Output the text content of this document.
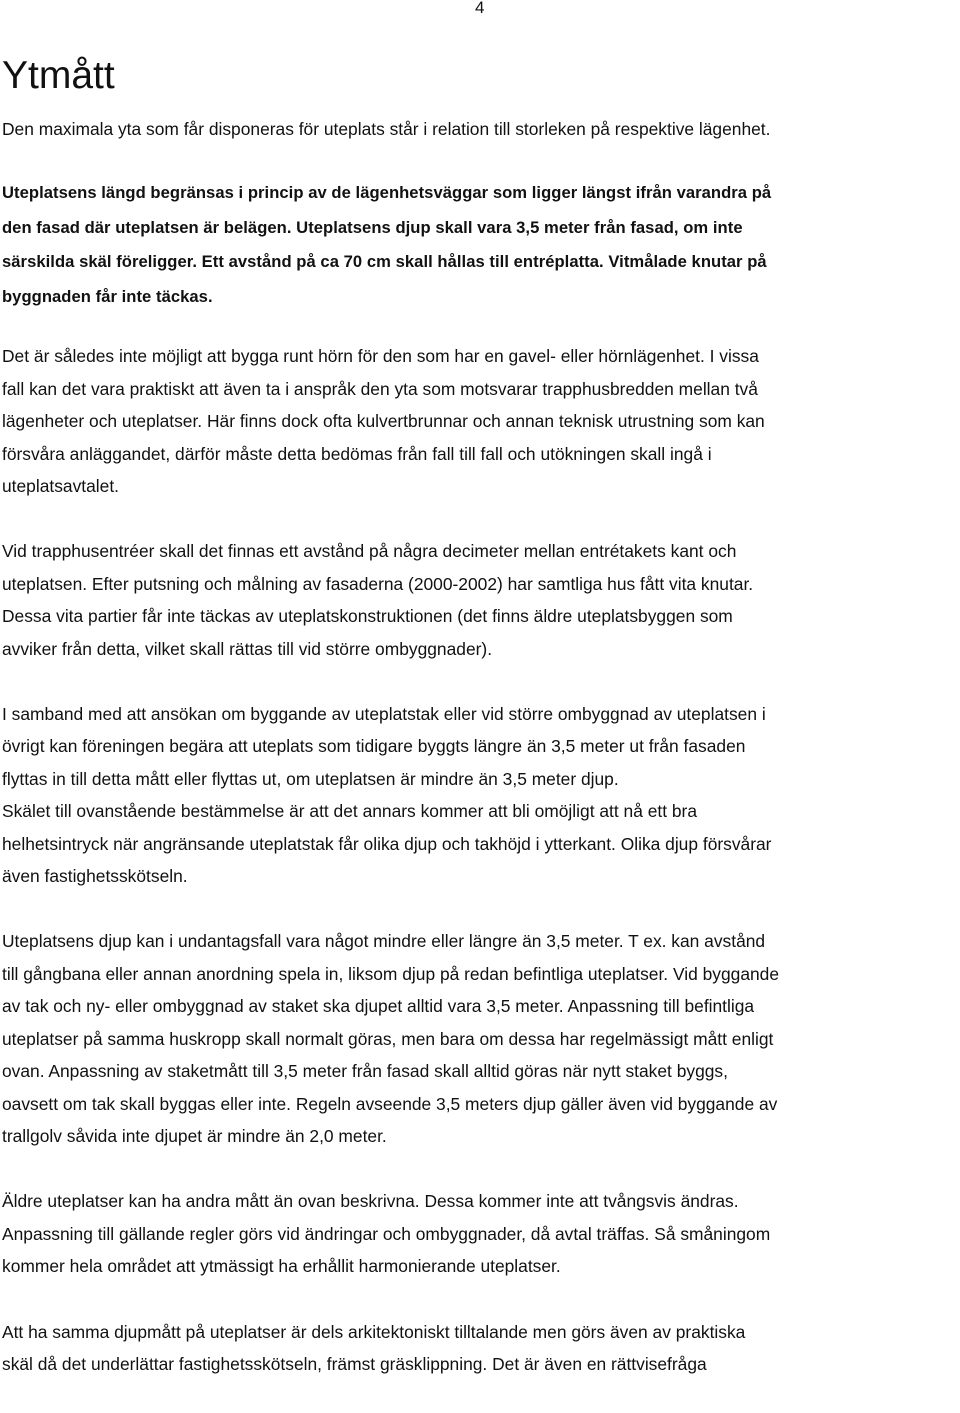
4
Ytmått

Den maximala yta som får disponeras för uteplats står i relation till storleken på respektive lägenhet.

Uteplatsens längd begränsas i princip av de lägenhetsväggar som ligger längst ifrån varandra på
den fasad där uteplatsen är belägen. Uteplatsens djup skall vara 3,5 meter från fasad, om inte
särskilda skäl föreligger. Ett avstånd på ca 70 cm skall hållas till entréplatta. Vitmålade knutar på
byggnaden får inte täckas.

Det är således inte möjligt att bygga runt hörn för den som har en gavel- eller hörnlägenhet. I vissa
fall kan det vara praktiskt att även ta i anspråk den yta som motsvarar trapphusbredden mellan två
lägenheter och uteplatser. Här finns dock ofta kulvertbrunnar och annan teknisk utrustning som kan
försvåra anläggandet, därför måste detta bedömas från fall till fall och utökningen skall ingå i
uteplatsavtalet.

Vid trapphusentréer skall det finnas ett avstånd på några decimeter mellan entrétakets kant och
uteplatsen. Efter putsning och målning av fasaderna (2000-2002) har samtliga hus fått vita knutar.
Dessa vita partier får inte täckas av uteplatskonstruktionen (det finns äldre uteplatsbyggen som
avviker från detta, vilket skall rättas till vid större ombyggnader).

I samband med att ansökan om byggande av uteplatstak eller vid större ombyggnad av uteplatsen i
övrigt kan föreningen begära att uteplats som tidigare byggts längre än 3,5 meter ut från fasaden
flyttas in till detta mått eller flyttas ut, om uteplatsen är mindre än 3,5 meter djup.
Skälet till ovanstående bestämmelse är att det annars kommer att bli omöjligt att nå ett bra
helhetsintryck när angränsande uteplatstak får olika djup och takhöjd i ytterkant. Olika djup försvårar
även fastighetsskötseln.

Uteplatsens djup kan i undantagsfall vara något mindre eller längre än 3,5 meter. T ex. kan avstånd
till gångbana eller annan anordning spela in, liksom djup på redan befintliga uteplatser. Vid byggande
av tak och ny- eller ombyggnad av staket ska djupet alltid vara 3,5 meter. Anpassning till befintliga
uteplatser på samma huskropp skall normalt göras, men bara om dessa har regelmässigt mått enligt
ovan. Anpassning av staketmått till 3,5 meter från fasad skall alltid göras när nytt staket byggs,
oavsett om tak skall byggas eller inte. Regeln avseende 3,5 meters djup gäller även vid byggande av
trallgolv såvida inte djupet är mindre än 2,0 meter.

Äldre uteplatser kan ha andra mått än ovan beskrivna. Dessa kommer inte att tvångsvis ändras.
Anpassning till gällande regler görs vid ändringar och ombyggnader, då avtal träffas. Så småningom
kommer hela området att ytmässigt ha erhållit harmonierande uteplatser.

Att ha samma djupmått på uteplatser är dels arkitektoniskt tilltalande men görs även av praktiska
skäl då det underlättar fastighetsskötseln, främst gräsklippning. Det är även en rättvisefråga
